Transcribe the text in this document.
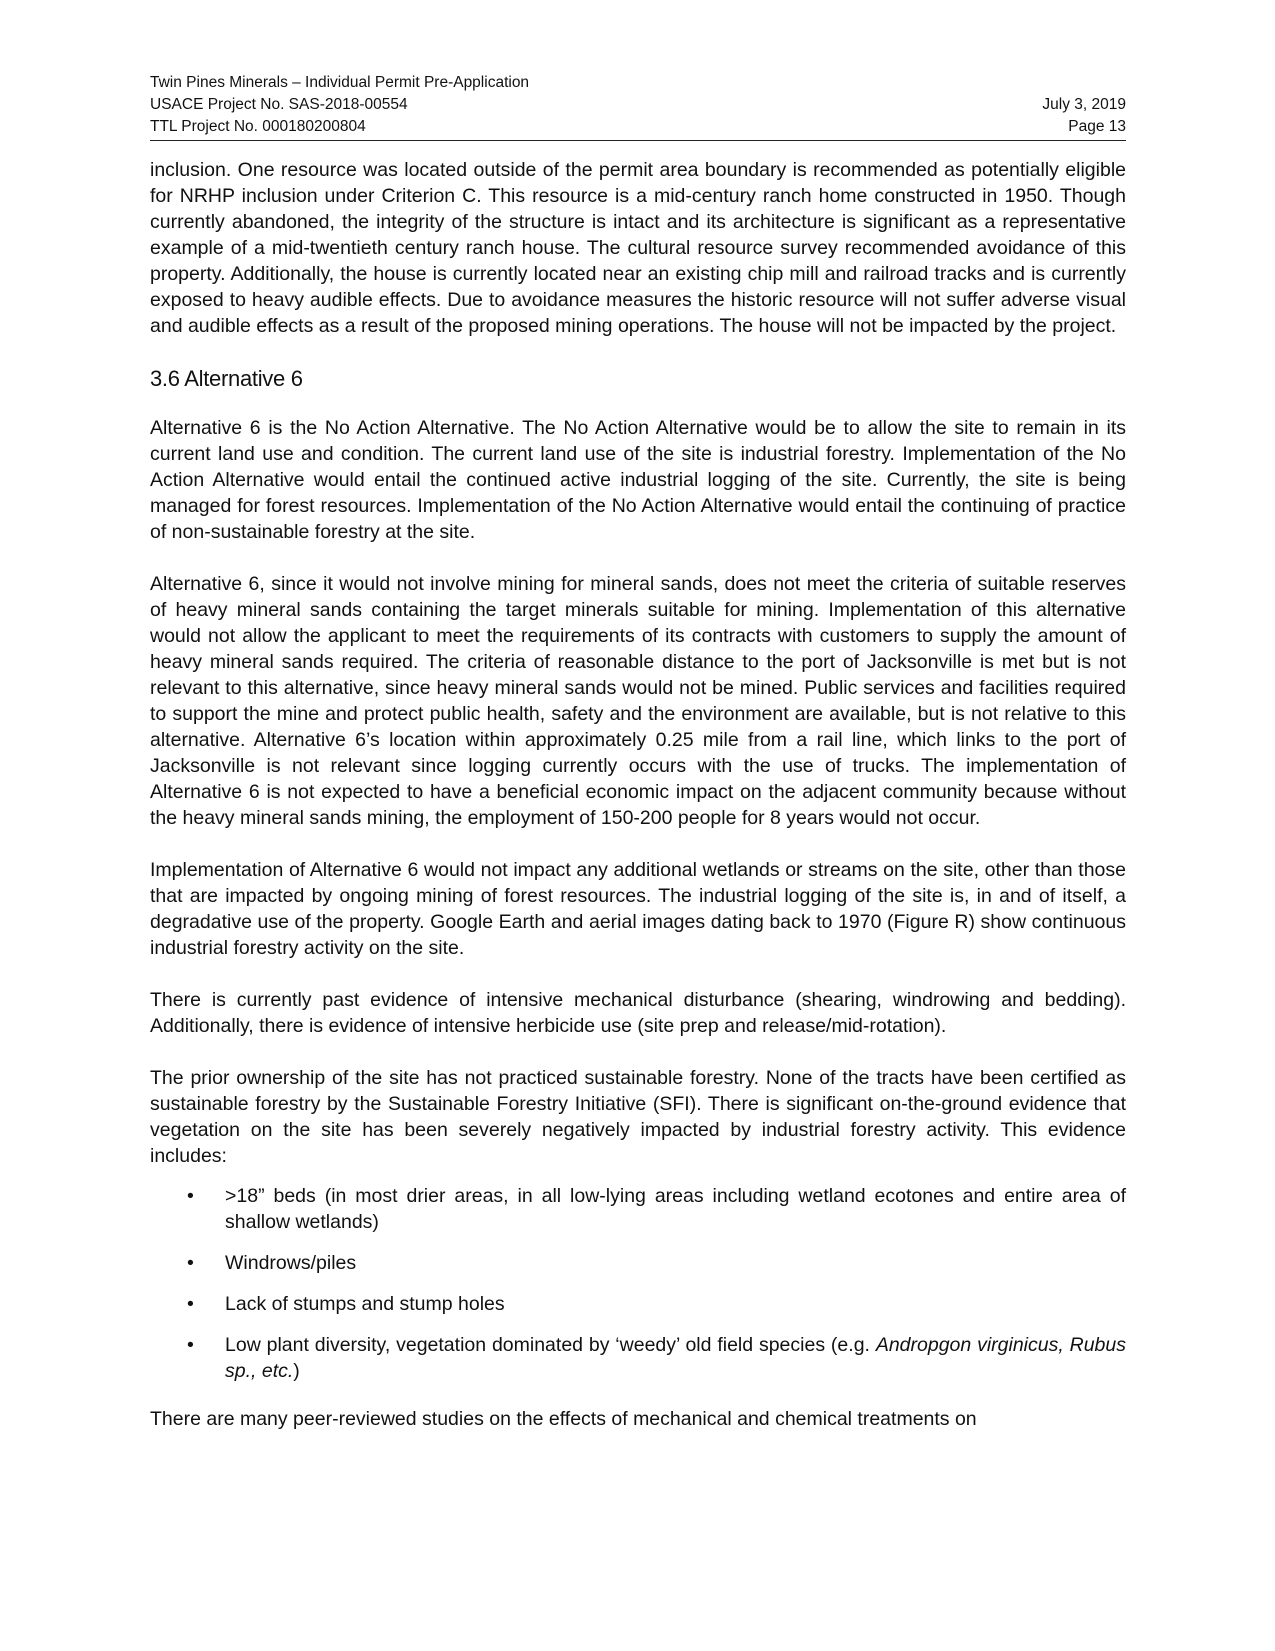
Twin Pines Minerals – Individual Permit Pre-Application
USACE Project No. SAS-2018-00554	July 3, 2019
TTL Project No. 000180200804	Page 13

inclusion. One resource was located outside of the permit area boundary is recommended as potentially eligible for NRHP inclusion under Criterion C. This resource is a mid-century ranch home constructed in 1950. Though currently abandoned, the integrity of the structure is intact and its architecture is significant as a representative example of a mid-twentieth century ranch house. The cultural resource survey recommended avoidance of this property. Additionally, the house is currently located near an existing chip mill and railroad tracks and is currently exposed to heavy audible effects. Due to avoidance measures the historic resource will not suffer adverse visual and audible effects as a result of the proposed mining operations. The house will not be impacted by the project.

3.6 Alternative 6

Alternative 6 is the No Action Alternative. The No Action Alternative would be to allow the site to remain in its current land use and condition. The current land use of the site is industrial forestry. Implementation of the No Action Alternative would entail the continued active industrial logging of the site. Currently, the site is being managed for forest resources. Implementation of the No Action Alternative would entail the continuing of practice of non-sustainable forestry at the site.

Alternative 6, since it would not involve mining for mineral sands, does not meet the criteria of suitable reserves of heavy mineral sands containing the target minerals suitable for mining. Implementation of this alternative would not allow the applicant to meet the requirements of its contracts with customers to supply the amount of heavy mineral sands required. The criteria of reasonable distance to the port of Jacksonville is met but is not relevant to this alternative, since heavy mineral sands would not be mined. Public services and facilities required to support the mine and protect public health, safety and the environment are available, but is not relative to this alternative. Alternative 6’s location within approximately 0.25 mile from a rail line, which links to the port of Jacksonville is not relevant since logging currently occurs with the use of trucks. The implementation of Alternative 6 is not expected to have a beneficial economic impact on the adjacent community because without the heavy mineral sands mining, the employment of 150-200 people for 8 years would not occur.

Implementation of Alternative 6 would not impact any additional wetlands or streams on the site, other than those that are impacted by ongoing mining of forest resources. The industrial logging of the site is, in and of itself, a degradative use of the property. Google Earth and aerial images dating back to 1970 (Figure R) show continuous industrial forestry activity on the site.

There is currently past evidence of intensive mechanical disturbance (shearing, windrowing and bedding). Additionally, there is evidence of intensive herbicide use (site prep and release/mid-rotation).

The prior ownership of the site has not practiced sustainable forestry. None of the tracts have been certified as sustainable forestry by the Sustainable Forestry Initiative (SFI). There is significant on-the-ground evidence that vegetation on the site has been severely negatively impacted by industrial forestry activity. This evidence includes:

• >18” beds (in most drier areas, in all low-lying areas including wetland ecotones and entire area of shallow wetlands)
• Windrows/piles
• Lack of stumps and stump holes
• Low plant diversity, vegetation dominated by ‘weedy’ old field species (e.g. Andropgon virginicus, Rubus sp., etc.)

There are many peer-reviewed studies on the effects of mechanical and chemical treatments on
